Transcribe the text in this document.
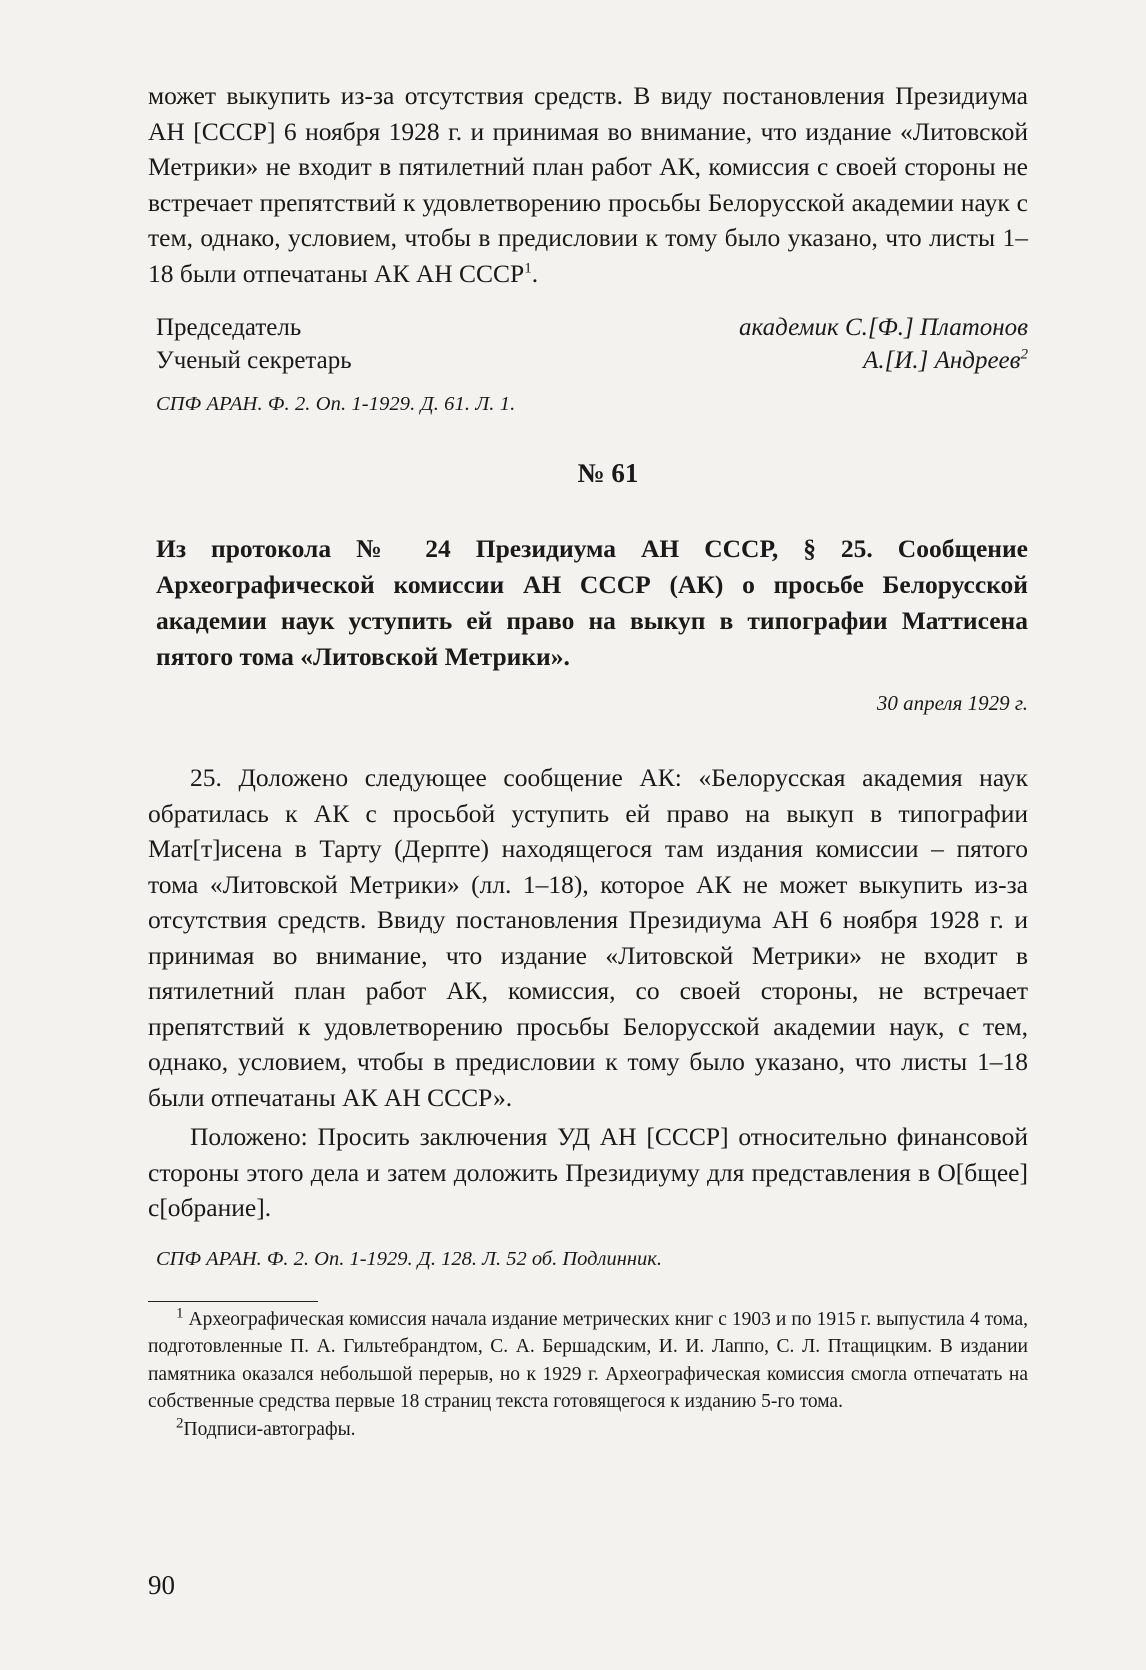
может выкупить из-за отсутствия средств. В виду постановления Президиума АН [СССР] 6 ноября 1928 г. и принимая во внимание, что издание «Литовской Метрики» не входит в пятилетний план работ АК, комиссия с своей стороны не встречает препятствий к удовлетворению просьбы Белорусской академии наук с тем, однако, условием, чтобы в предисловии к тому было указано, что листы 1–18 были отпечатаны АК АН СССР$^1$.

Председатель	академик С.[Ф.] Платонов
Ученый секретарь	А.[И.] Андреев$^2$

СПФ АРАН. Ф. 2. Оп. 1-1929. Д. 61. Л. 1.

№ 61

Из протокола № 24 Президиума АН СССР, § 25. Сообщение Археографической комиссии АН СССР (АК) о просьбе Белорусской академии наук уступить ей право на выкуп в типографии Маттисена пятого тома «Литовской Метрики».

30 апреля 1929 г.

25. Доложено следующее сообщение АК: «Белорусская академия наук обратилась к АК с просьбой уступить ей право на выкуп в типографии Мат[т]исена в Тарту (Дерпте) находящегося там издания комиссии – пятого тома «Литовской Метрики» (лл. 1–18), которое АК не может выкупить из-за отсутствия средств. Ввиду постановления Президиума АН 6 ноября 1928 г. и принимая во внимание, что издание «Литовской Метрики» не входит в пятилетний план работ АК, комиссия, со своей стороны, не встречает препятствий к удовлетворению просьбы Белорусской академии наук, с тем, однако, условием, чтобы в предисловии к тому было указано, что листы 1–18 были отпечатаны АК АН СССР».

Положено: Просить заключения УД АН [СССР] относительно финансовой стороны этого дела и затем доложить Президиуму для представления в О[бщее] с[обрание].

СПФ АРАН. Ф. 2. Оп. 1-1929. Д. 128. Л. 52 об. Подлинник.

$^1$ Археографическая комиссия начала издание метрических книг с 1903 и по 1915 г. выпустила 4 тома, подготовленные П. А. Гильтебрандтом, С. А. Бершадским, И. И. Лаппо, С. Л. Птащицким. В издании памятника оказался небольшой перерыв, но к 1929 г. Археографическая комиссия смогла отпечатать на собственные средства первые 18 страниц текста готовящегося к изданию 5-го тома.

$^2$Подписи-автографы.

90
